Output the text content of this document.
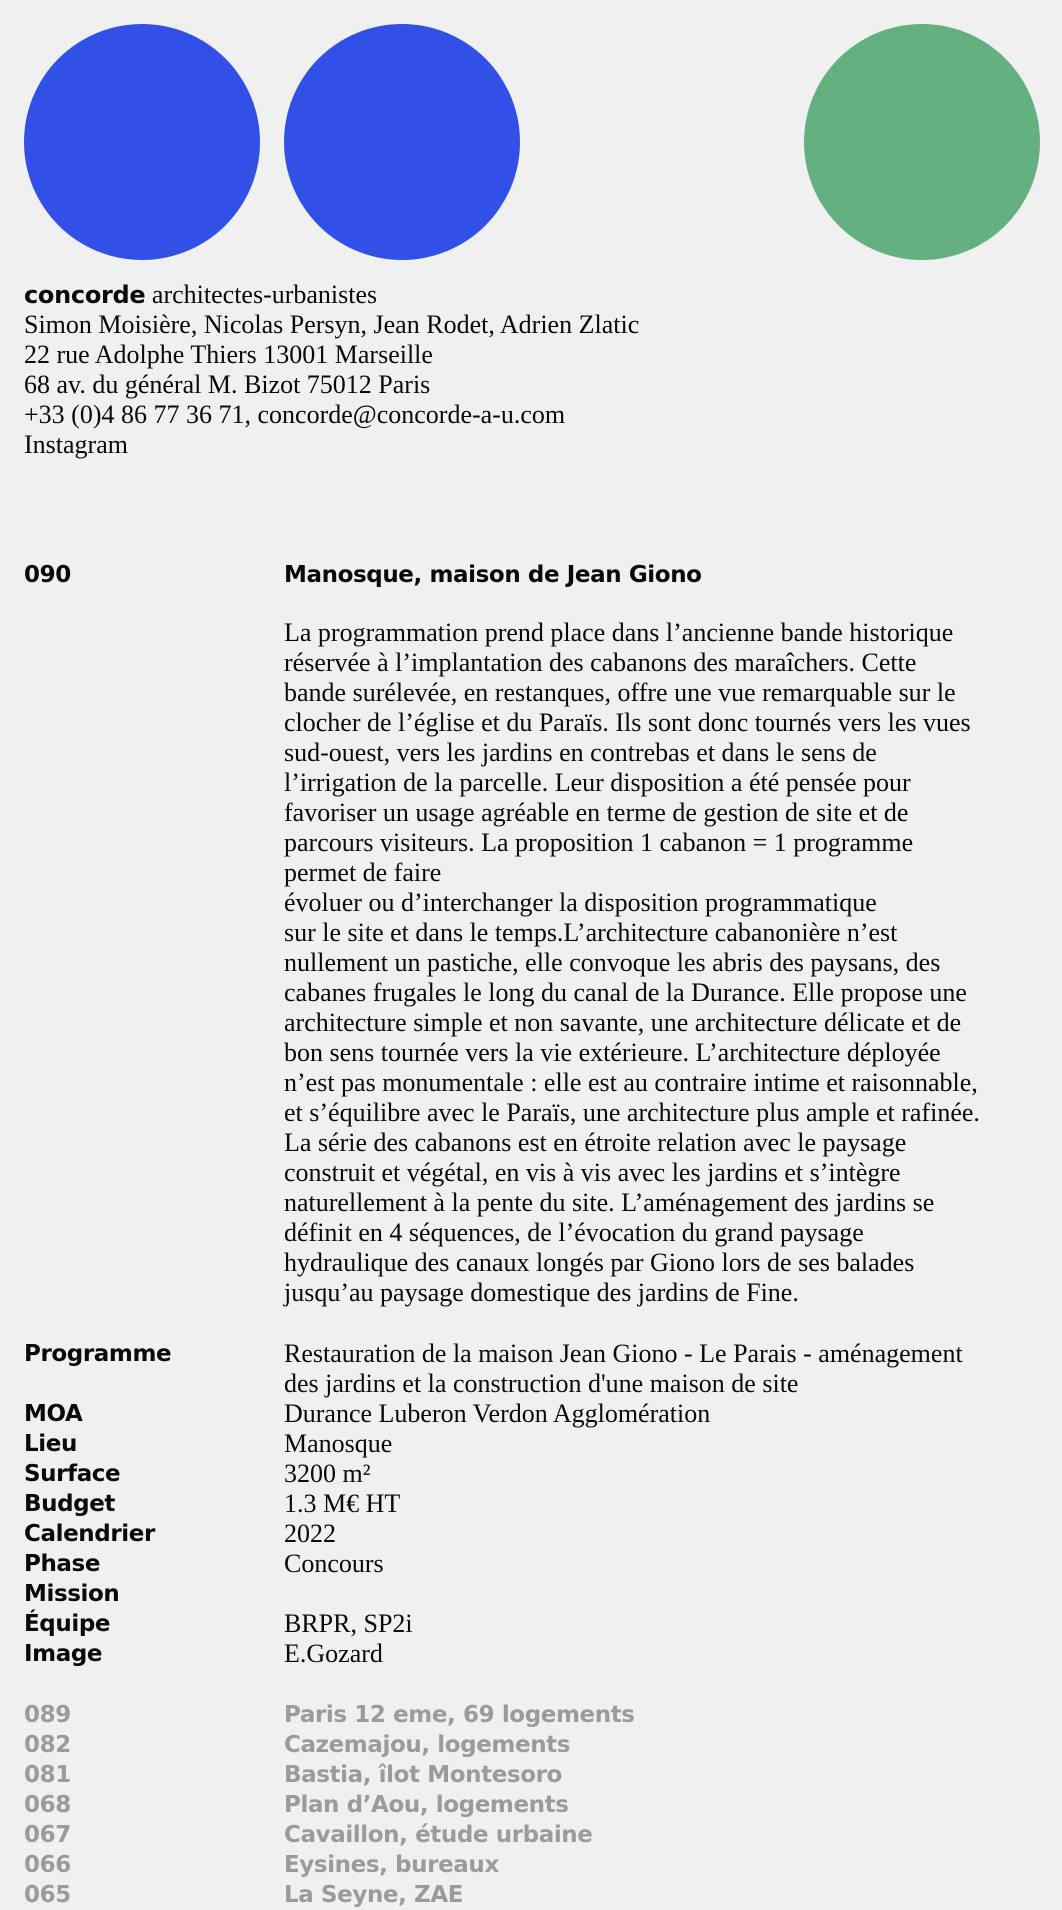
concorde architectes-urbanistes
Simon Moisière, Nicolas Persyn, Jean Rodet, Adrien Zlatic
22 rue Adolphe Thiers 13001 Marseille
68 av. du général M. Bizot 75012 Paris
+33 (0)4 86 77 36 71, concorde@concorde-a-u.com
Instagram
090	Manosque, maison de Jean Giono
La programmation prend place dans l’ancienne bande historique
réservée à l’implantation des cabanons des maraîchers. Cette
bande surélevée, en restanques, offre une vue remarquable sur le
clocher de l’église et du Paraïs. Ils sont donc tournés vers les vues
sud-ouest, vers les jardins en contrebas et dans le sens de
l’irrigation de la parcelle. Leur disposition a été pensée pour
favoriser un usage agréable en terme de gestion de site et de
parcours visiteurs. La proposition 1 cabanon = 1 programme
permet de faire
évoluer ou d’interchanger la disposition programmatique
sur le site et dans le temps.L’architecture cabanonière n’est
nullement un pastiche, elle convoque les abris des paysans, des
cabanes frugales le long du canal de la Durance. Elle propose une
architecture simple et non savante, une architecture délicate et de
bon sens tournée vers la vie extérieure. L’architecture déployée
n’est pas monumentale : elle est au contraire intime et raisonnable,
et s’équilibre avec le Paraïs, une architecture plus ample et rafinée.
La série des cabanons est en étroite relation avec le paysage
construit et végétal, en vis à vis avec les jardins et s’intègre
naturellement à la pente du site. L’aménagement des jardins se
définit en 4 séquences, de l’évocation du grand paysage
hydraulique des canaux longés par Giono lors de ses balades
jusqu’au paysage domestique des jardins de Fine.
Programme	Restauration de la maison Jean Giono - Le Parais - aménagement
des jardins et la construction d'une maison de site
MOA	Durance Luberon Verdon Agglomération
Lieu	Manosque
Surface	3200 m²
Budget	1.3 M€ HT
Calendrier	2022
Phase	Concours
Mission
Équipe	BRPR, SP2i
Image	E.Gozard
089	Paris 12 eme, 69 logements
082	Cazemajou, logements
081	Bastia, îlot Montesoro
068	Plan d’Aou, logements
067	Cavaillon, étude urbaine
066	Eysines, bureaux
065	La Seyne, ZAE
